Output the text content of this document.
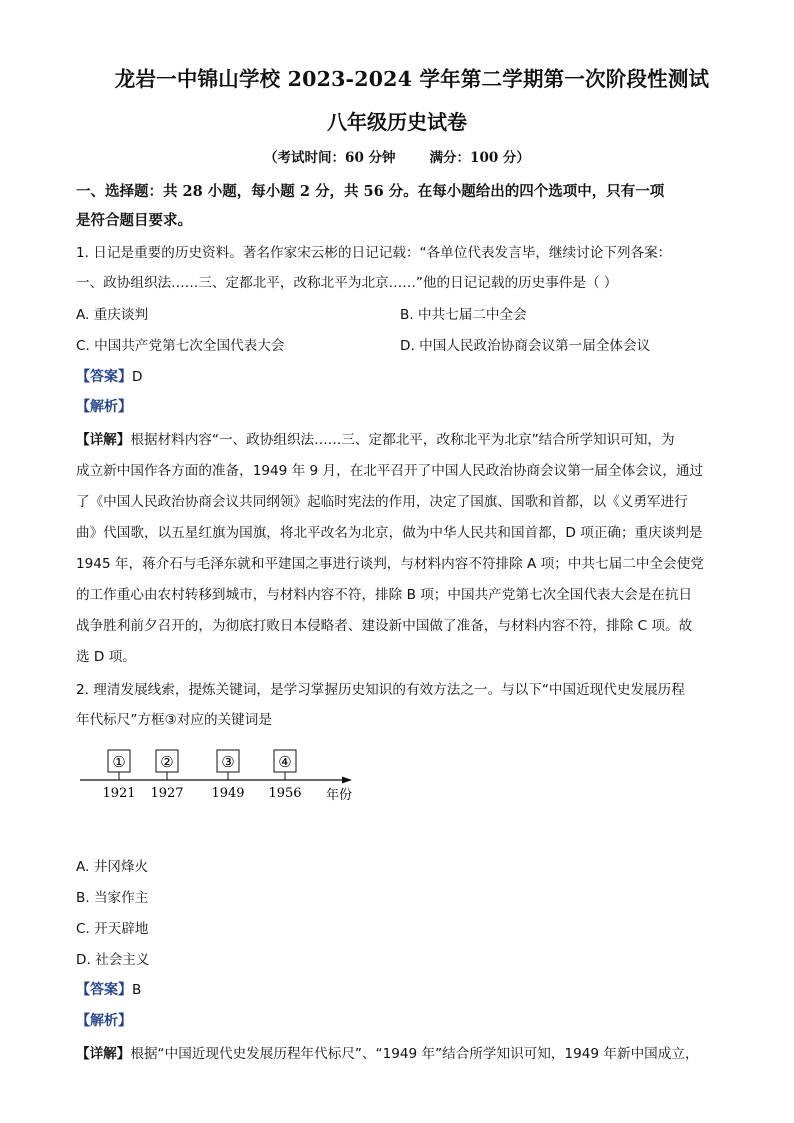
龙岩一中锦山学校 2023-2024 学年第二学期第一次阶段性测试
八年级历史试卷
（考试时间：60 分钟	满分：100 分）
一、选择题：共 28 小题，每小题 2 分，共 56 分。在每小题给出的四个选项中，只有一项
是符合题目要求。
1. 日记是重要的历史资料。著名作家宋云彬的日记记载：“各单位代表发言毕，继续讨论下列各案：
一、政协组织法……三、定都北平，改称北平为北京……”他的日记记载的历史事件是（ ）
A. 重庆谈判	B. 中共七届二中全会
C. 中国共产党第七次全国代表大会	D. 中国人民政治协商会议第一届全体会议
【答案】D
【解析】
【详解】根据材料内容“一、政协组织法……三、定都北平，改称北平为北京”结合所学知识可知，为
成立新中国作各方面的准备，1949 年 9 月，在北平召开了中国人民政治协商会议第一届全体会议，通过
了《中国人民政治协商会议共同纲领》起临时宪法的作用，决定了国旗、国歌和首都，以《义勇军进行
曲》代国歌，以五星红旗为国旗，将北平改名为北京，做为中华人民共和国首都，D 项正确；重庆谈判是
1945 年，蒋介石与毛泽东就和平建国之事进行谈判，与材料内容不符排除 A 项；中共七届二中全会使党
的工作重心由农村转移到城市，与材料内容不符，排除 B 项；中国共产党第七次全国代表大会是在抗日
战争胜利前夕召开的，为彻底打败日本侵略者、建设新中国做了准备，与材料内容不符，排除 C 项。故
选 D 项。
2. 理清发展线索，提炼关键词，是学习掌握历史知识的有效方法之一。与以下“中国近现代史发展历程
年代标尺”方框③对应的关键词是
①
1921
②
1927
③
1949
④
1956 年份
A. 井冈烽火
B. 当家作主
C. 开天辟地
D. 社会主义
【答案】B
【解析】
【详解】根据“中国近现代史发展历程年代标尺”、“1949 年”结合所学知识可知，1949 年新中国成立，
